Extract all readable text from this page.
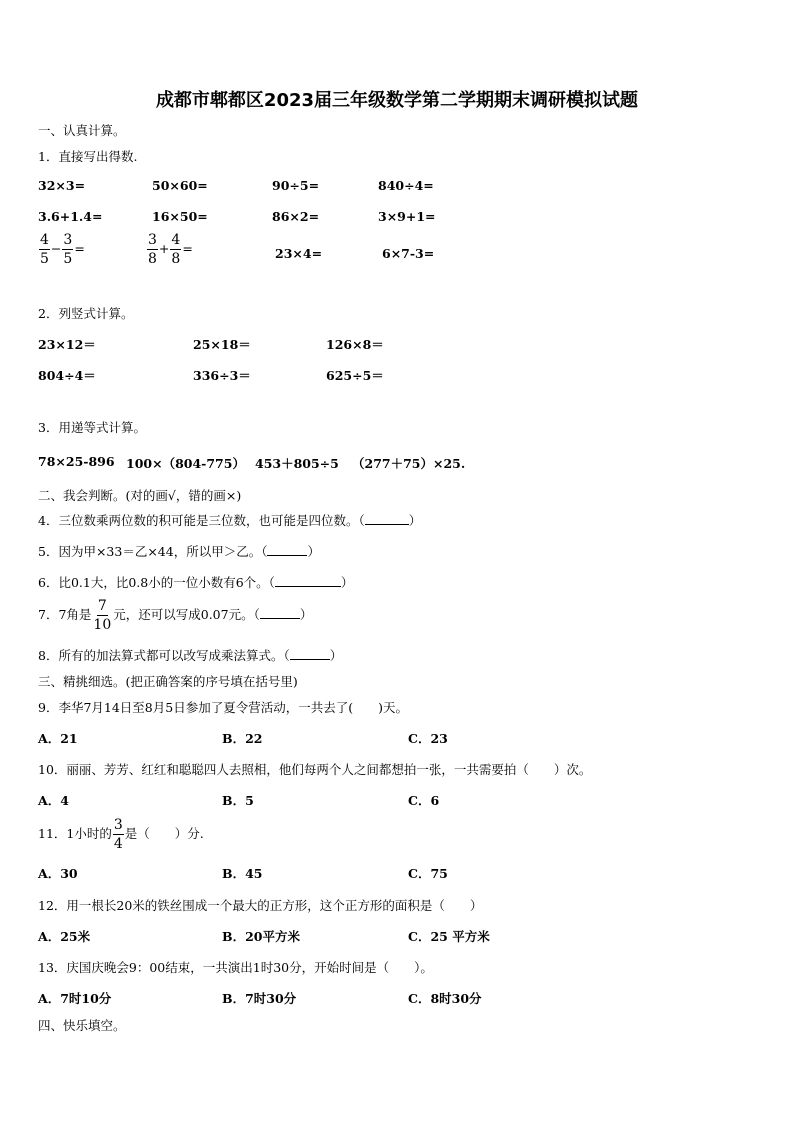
成都市郫都区2023届三年级数学第二学期期末调研模拟试题
一、认真计算。
1．直接写出得数.
32×3=	50×60=	90÷5=	840÷4=
3.6+1.4=	16×50=	86×2=	3×9+1=
$\frac{4}{5} - \frac{3}{5}$ =	$\frac{3}{8} + \frac{4}{8}$ =	23×4=	6×7-3=
2．列竖式计算。
23×12＝	25×18＝	126×8＝
804÷4＝	336÷3＝	625÷5＝
3．用递等式计算。
78×25-896 100×（804-775） 453＋805÷5 （277＋75）×25.
二、我会判断。(对的画√，错的画×)
4．三位数乘两位数的积可能是三位数，也可能是四位数。（	）
5．因为甲×33＝乙×44，所以甲＞乙。（	）
6．比0.1大，比0.8小的一位小数有6个。（	）
7．7角是 $\frac{7}{10}$ 元，还可以写成0.07元。（	）
8．所有的加法算式都可以改写成乘法算式。（	）
三、精挑细选。(把正确答案的序号填在括号里)
9．李华7月14日至8月5日参加了夏令营活动，一共去了(　　)天。
A．21	B．22	C．23
10．丽丽、芳芳、红红和聪聪四人去照相，他们每两个人之间都想拍一张，一共需要拍（　　）次。
A．4	B．5	C．6
11．1小时的 $\frac{3}{4}$ 是（　　）分.
A．30	B．45	C．75
12．用一根长20米的铁丝围成一个最大的正方形，这个正方形的面积是（　　）
A．25米	B．20平方米	C．25 平方米
13．庆国庆晚会9：00结束，一共演出1时30分，开始时间是（　　）。
A．7时10分	B．7时30分	C．8时30分
四、快乐填空。
